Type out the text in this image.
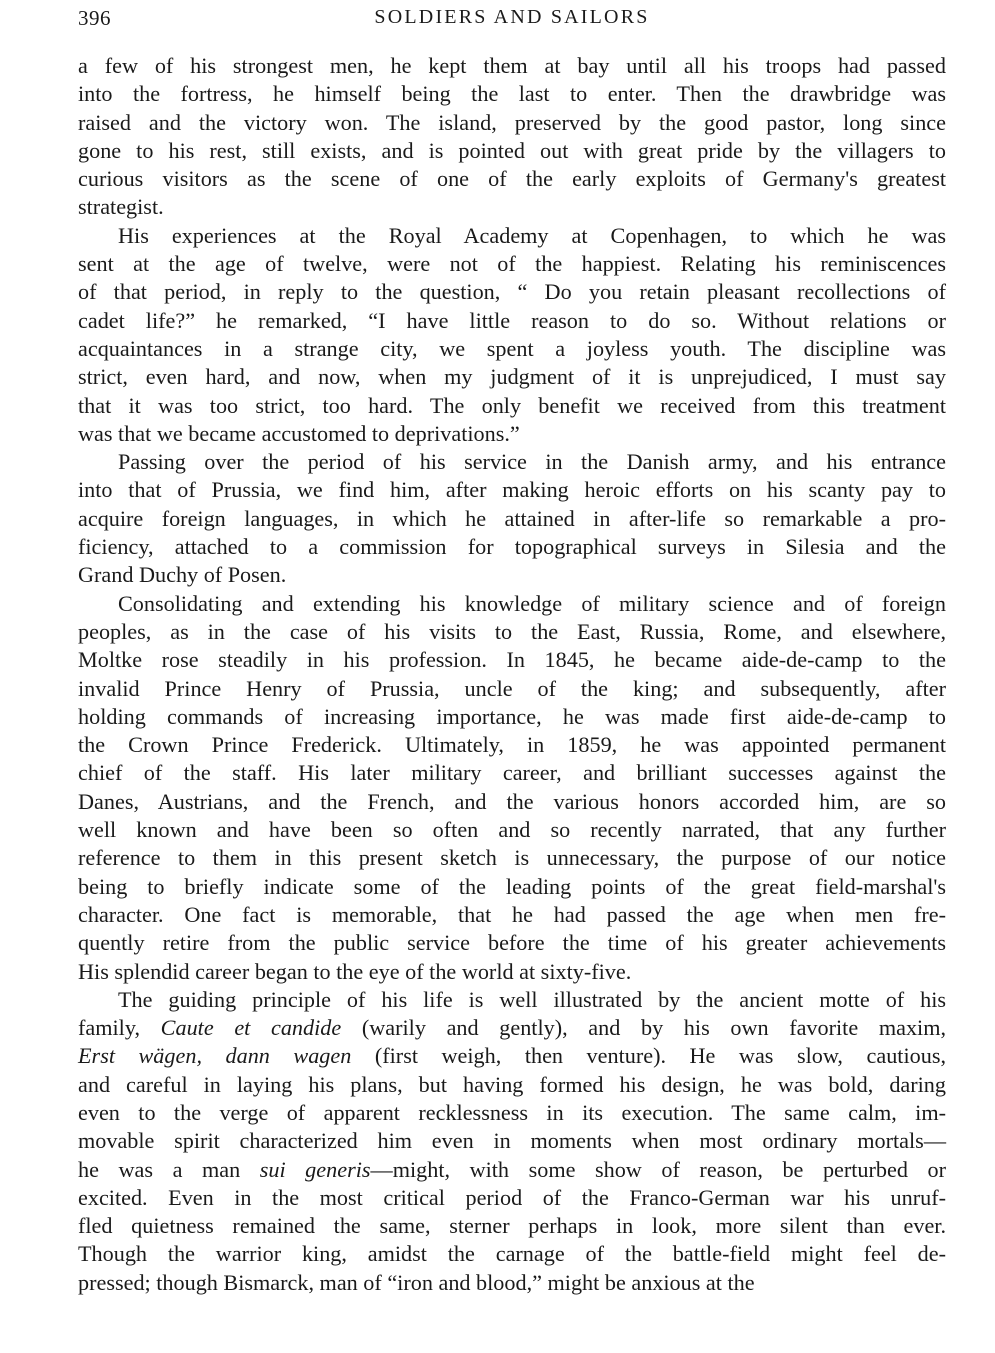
396	SOLDIERS AND SAILORS
a few of his strongest men, he kept them at bay until all his troops had passed
into the fortress, he himself being the last to enter. Then the drawbridge was
raised and the victory won. The island, preserved by the good pastor, long since
gone to his rest, still exists, and is pointed out with great pride by the villagers to
curious visitors as the scene of one of the early exploits of Germany's greatest
strategist.
His experiences at the Royal Academy at Copenhagen, to which he was
sent at the age of twelve, were not of the happiest. Relating his reminiscences
of that period, in reply to the question, “ Do you retain pleasant recollections of
cadet life?” he remarked, “I have little reason to do so. Without relations or
acquaintances in a strange city, we spent a joyless youth. The discipline was
strict, even hard, and now, when my judgment of it is unprejudiced, I must say
that it was too strict, too hard. The only benefit we received from this treatment
was that we became accustomed to deprivations.”
Passing over the period of his service in the Danish army, and his entrance
into that of Prussia, we find him, after making heroic efforts on his scanty pay to
acquire foreign languages, in which he attained in after-life so remarkable a pro-
ficiency, attached to a commission for topographical surveys in Silesia and the
Grand Duchy of Posen.
Consolidating and extending his knowledge of military science and of foreign
peoples, as in the case of his visits to the East, Russia, Rome, and elsewhere,
Moltke rose steadily in his profession. In 1845, he became aide-de-camp to the
invalid Prince Henry of Prussia, uncle of the king; and subsequently, after
holding commands of increasing importance, he was made first aide-de-camp to
the Crown Prince Frederick. Ultimately, in 1859, he was appointed permanent
chief of the staff. His later military career, and brilliant successes against the
Danes, Austrians, and the French, and the various honors accorded him, are so
well known and have been so often and so recently narrated, that any further
reference to them in this present sketch is unnecessary, the purpose of our notice
being to briefly indicate some of the leading points of the great field-marshal's
character. One fact is memorable, that he had passed the age when men fre-
quently retire from the public service before the time of his greater achievements
His splendid career began to the eye of the world at sixty-five.
The guiding principle of his life is well illustrated by the ancient motte of his
family, Caute et candide (warily and gently), and by his own favorite maxim,
Erst wägen, dann wagen (first weigh, then venture). He was slow, cautious,
and careful in laying his plans, but having formed his design, he was bold, daring
even to the verge of apparent recklessness in its execution. The same calm, im-
movable spirit characterized him even in moments when most ordinary mortals—
he was a man sui generis—might, with some show of reason, be perturbed or
excited. Even in the most critical period of the Franco-German war his unruf-
fled quietness remained the same, sterner perhaps in look, more silent than ever.
Though the warrior king, amidst the carnage of the battle-field might feel de-
pressed; though Bismarck, man of “iron and blood,” might be anxious at the
